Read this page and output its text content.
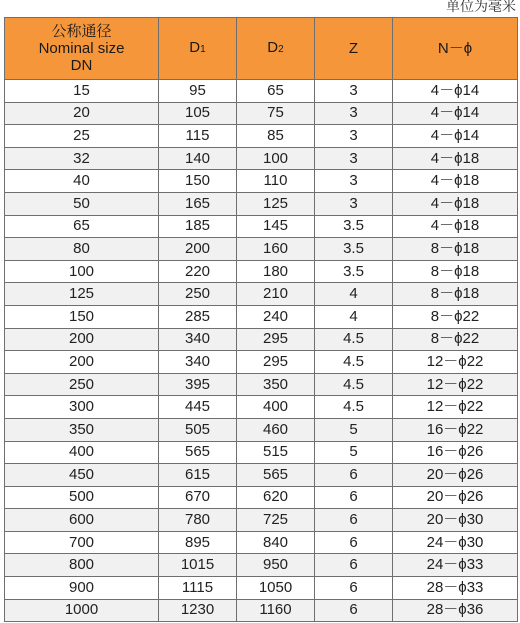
单位为毫米
公称通径
Nominal size
DN	D1	D2	Z	N－ϕ
15	95	65	3	4－ϕ14
20	105	75	3	4－ϕ14
25	115	85	3	4－ϕ14
32	140	100	3	4－ϕ18
40	150	110	3	4－ϕ18
50	165	125	3	4－ϕ18
65	185	145	3.5	4－ϕ18
80	200	160	3.5	8－ϕ18
100	220	180	3.5	8－ϕ18
125	250	210	4	8－ϕ18
150	285	240	4	8－ϕ22
200	340	295	4.5	8－ϕ22
200	340	295	4.5	12－ϕ22
250	395	350	4.5	12－ϕ22
300	445	400	4.5	12－ϕ22
350	505	460	5	16－ϕ22
400	565	515	5	16－ϕ26
450	615	565	6	20－ϕ26
500	670	620	6	20－ϕ26
600	780	725	6	20－ϕ30
700	895	840	6	24－ϕ30
800	1015	950	6	24－ϕ33
900	1115	1050	6	28－ϕ33
1000	1230	1160	6	28－ϕ36
